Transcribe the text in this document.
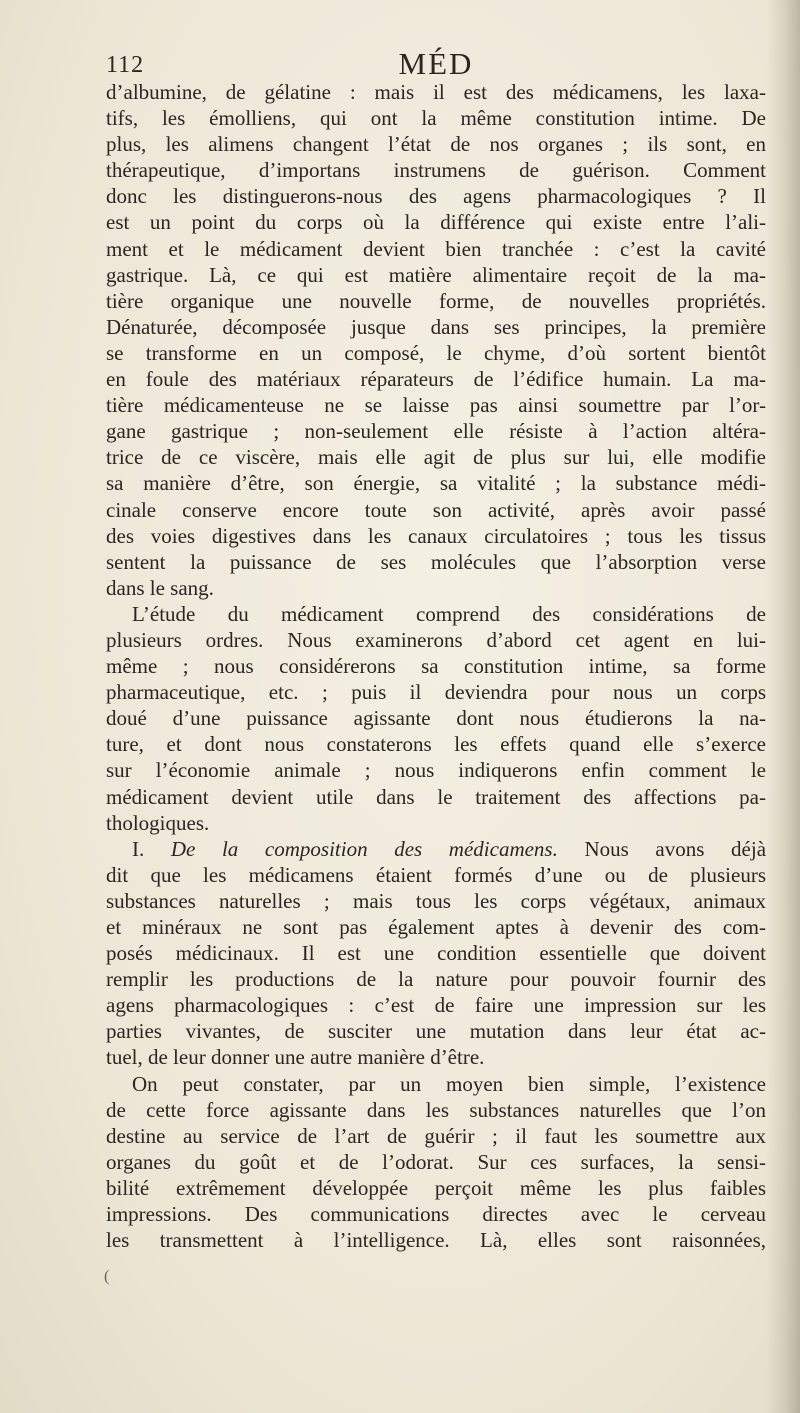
112	MÉD
d’albumine, de gélatine : mais il est des médicamens, les laxa-
tifs, les émolliens, qui ont la même constitution intime. De
plus, les alimens changent l’état de nos organes ; ils sont, en
thérapeutique, d’importans instrumens de guérison. Comment
donc les distinguerons-nous des agens pharmacologiques ? Il
est un point du corps où la différence qui existe entre l’ali-
ment et le médicament devient bien tranchée : c’est la cavité
gastrique. Là, ce qui est matière alimentaire reçoit de la ma-
tière organique une nouvelle forme, de nouvelles propriétés.
Dénaturée, décomposée jusque dans ses principes, la première
se transforme en un composé, le chyme, d’où sortent bientôt
en foule des matériaux réparateurs de l’édifice humain. La ma-
tière médicamenteuse ne se laisse pas ainsi soumettre par l’or-
gane gastrique ; non-seulement elle résiste à l’action altéra-
trice de ce viscère, mais elle agit de plus sur lui, elle modifie
sa manière d’être, son énergie, sa vitalité ; la substance médi-
cinale conserve encore toute son activité, après avoir passé
des voies digestives dans les canaux circulatoires ; tous les tissus
sentent la puissance de ses molécules que l’absorption verse
dans le sang.
L’étude du médicament comprend des considérations de
plusieurs ordres. Nous examinerons d’abord cet agent en lui-
même ; nous considérerons sa constitution intime, sa forme
pharmaceutique, etc. ; puis il deviendra pour nous un corps
doué d’une puissance agissante dont nous étudierons la na-
ture, et dont nous constaterons les effets quand elle s’exerce
sur l’économie animale ; nous indiquerons enfin comment le
médicament devient utile dans le traitement des affections pa-
thologiques.
I. De la composition des médicamens. Nous avons déjà
dit que les médicamens étaient formés d’une ou de plusieurs
substances naturelles ; mais tous les corps végétaux, animaux
et minéraux ne sont pas également aptes à devenir des com-
posés médicinaux. Il est une condition essentielle que doivent
remplir les productions de la nature pour pouvoir fournir des
agens pharmacologiques : c’est de faire une impression sur les
parties vivantes, de susciter une mutation dans leur état ac-
tuel, de leur donner une autre manière d’être.
On peut constater, par un moyen bien simple, l’existence
de cette force agissante dans les substances naturelles que l’on
destine au service de l’art de guérir ; il faut les soumettre aux
organes du goût et de l’odorat. Sur ces surfaces, la sensi-
bilité extrêmement développée perçoit même les plus faibles
impressions. Des communications directes avec le cerveau
les transmettent à l’intelligence. Là, elles sont raisonnées,
(
